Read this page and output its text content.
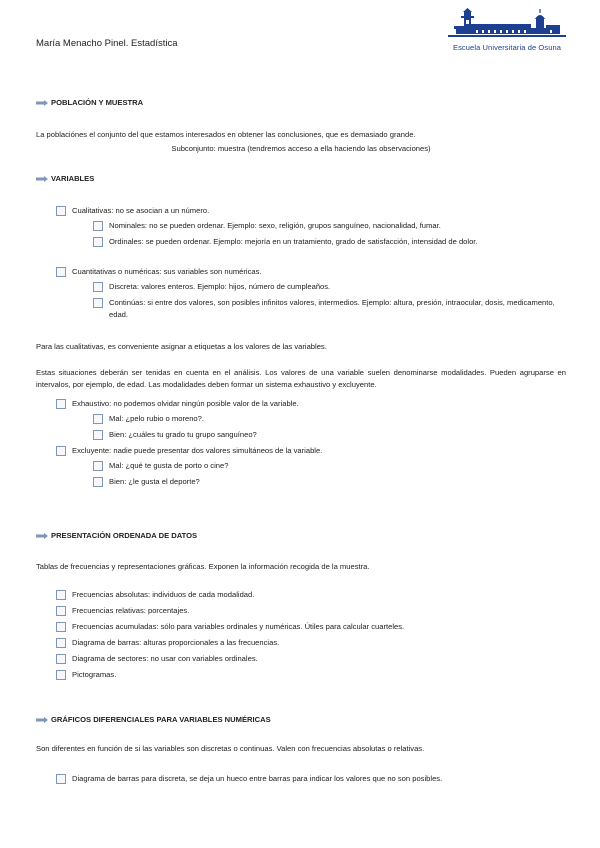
María Menacho Pinel. Estadística	Escuela Universitaria de Osuna
POBLACIÓN Y MUESTRA
La poblaciónes el conjunto del que estamos interesados en obtener las conclusiones, que es demasiado grande.
Subconjunto: muestra (tendremos acceso a ella haciendo las observaciones)
VARIABLES
Cualitativas: no se asocian a un número.
Nominales: no se pueden ordenar. Ejemplo: sexo, religión, grupos sanguíneo, nacionalidad, fumar.
Ordinales: se pueden ordenar. Ejemplo: mejoría en un tratamiento, grado de satisfacción, intensidad de dolor.
Cuantitativas o numéricas: sus variables son numéricas.
Discreta: valores enteros. Ejemplo: hijos, número de cumpleaños.
Continúas: si entre dos valores, son posibles infinitos valores, intermedios. Ejemplo: altura, presión, intraocular, dosis, medicamento, edad.
Para las cualitativas, es conveniente asignar a etiquetas a los valores de las variables.
Estas situaciones deberán ser tenidas en cuenta en el análisis. Los valores de una variable suelen denominarse modalidades. Pueden agruparse en intervalos, por ejemplo, de edad. Las modalidades deben formar un sistema exhaustivo y excluyente.
Exhaustivo: no podemos olvidar ningún posible valor de la variable.
Mal: ¿pelo rubio o moreno?.
Bien: ¿cuáles tu grado tu grupo sanguíneo?
Excluyente: nadie puede presentar dos valores simultáneos de la variable.
Mal: ¿qué te gusta de porto o cine?
Bien: ¿le gusta el deporte?
PRESENTACIÓN ORDENADA DE DATOS
Tablas de frecuencias y representaciones gráficas. Exponen la información recogida de la muestra.
Frecuencias absolutas: individuos de cada modalidad.
Frecuencias relativas: porcentajes.
Frecuencias acumuladas: sólo para variables ordinales y numéricas. Útiles para calcular cuarteles.
Diagrama de barras: alturas proporcionales a las frecuencias.
Diagrama de sectores: no usar con variables ordinales.
Pictogramas.
GRÁFICOS DIFERENCIALES PARA VARIABLES NUMÉRICAS
Son diferentes en función de si las variables son discretas o continuas. Valen con frecuencias absolutas o relativas.
Diagrama de barras para discreta, se deja un hueco entre barras para indicar los valores que no son posibles.
